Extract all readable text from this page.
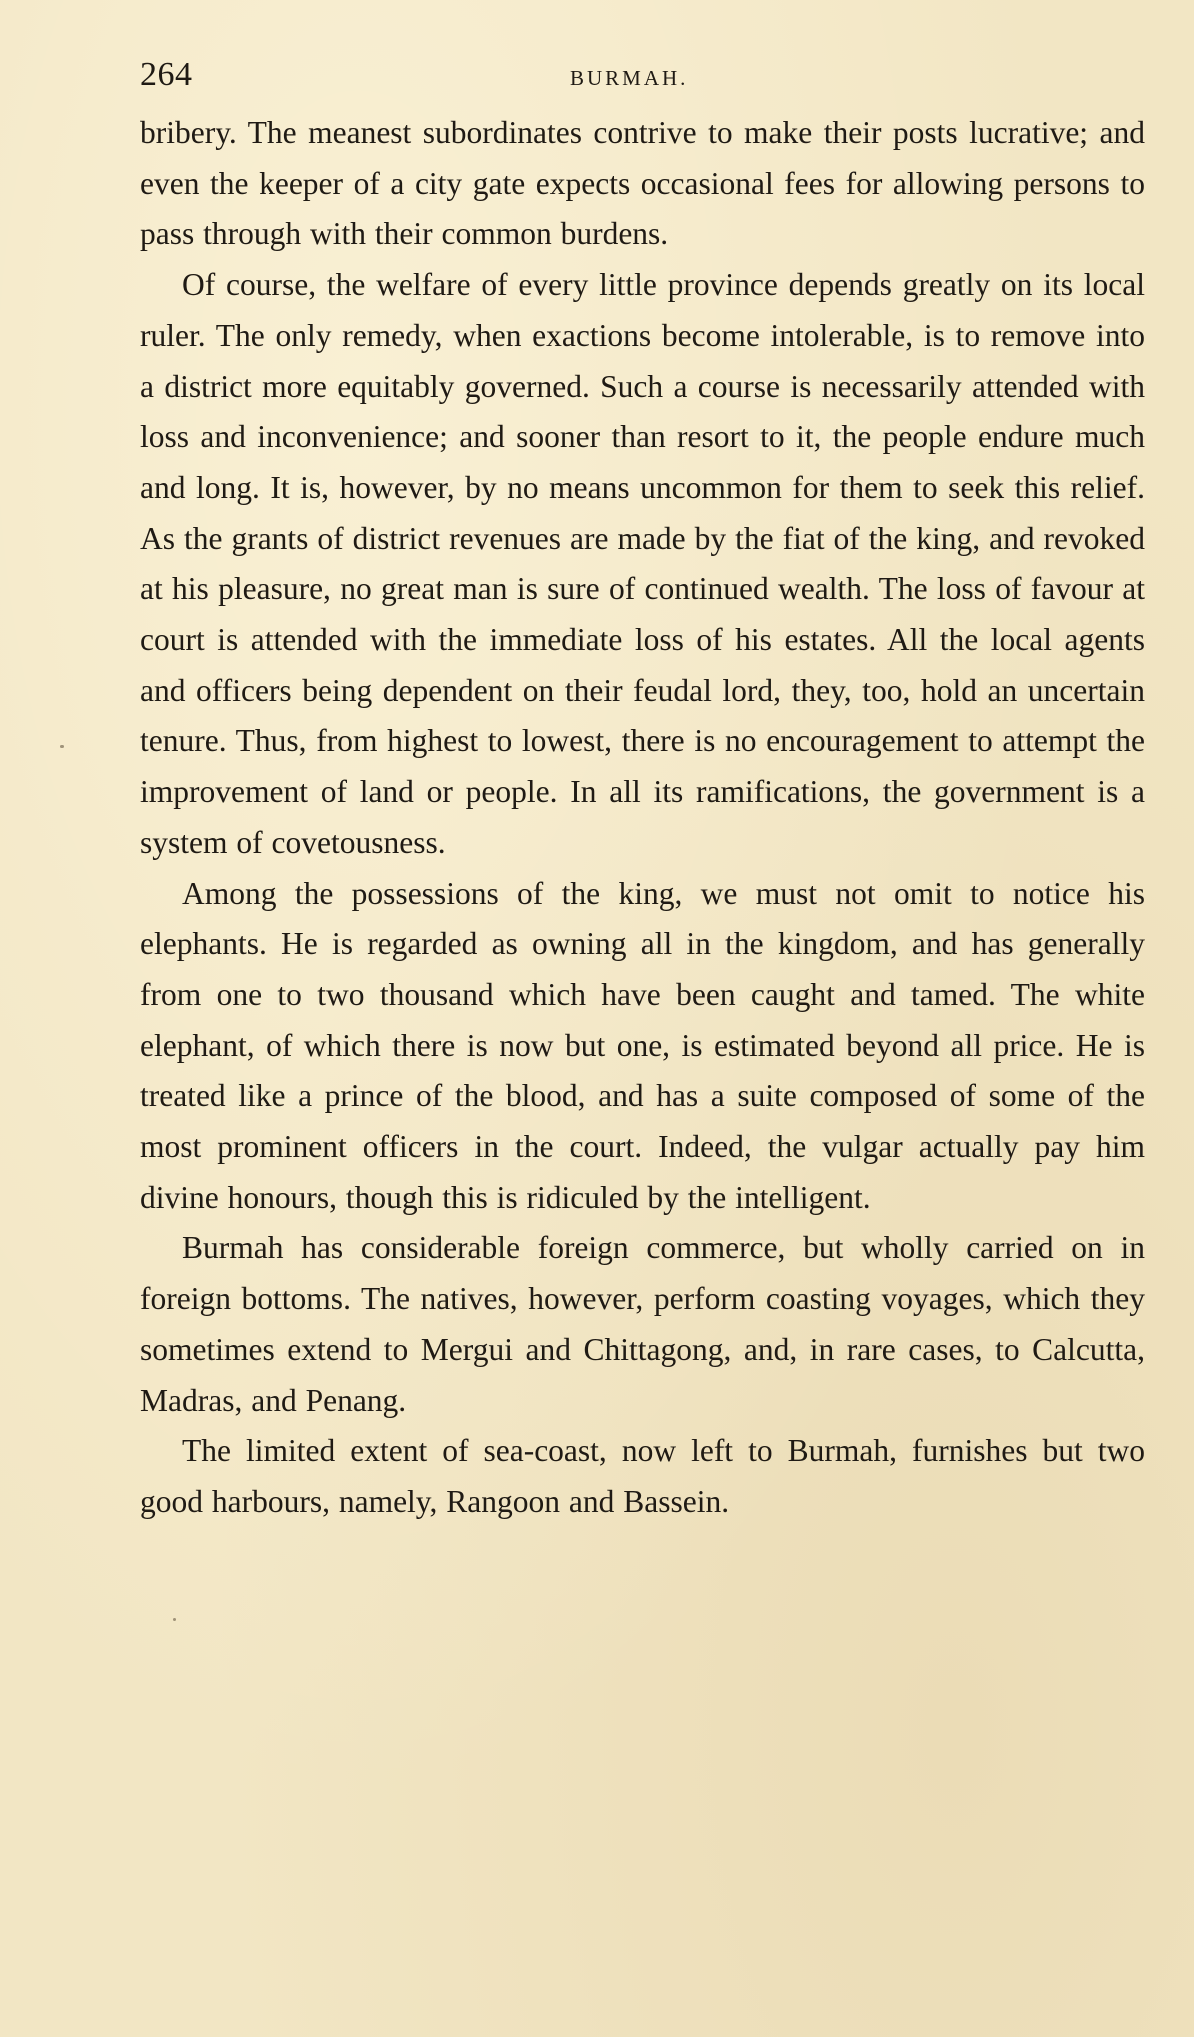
264	BURMAH.

bribery. The meanest subordinates contrive to make their posts lucrative; and even the keeper of a city gate expects occasional fees for allowing persons to pass through with their common burdens.

Of course, the welfare of every little province depends greatly on its local ruler. The only remedy, when exactions become intolerable, is to remove into a district more equitably governed. Such a course is necessarily attended with loss and inconvenience; and sooner than resort to it, the people endure much and long. It is, however, by no means uncommon for them to seek this relief. As the grants of district revenues are made by the fiat of the king, and revoked at his pleasure, no great man is sure of continued wealth. The loss of favour at court is attended with the immediate loss of his estates. All the local agents and officers being dependent on their feudal lord, they, too, hold an uncertain tenure. Thus, from highest to lowest, there is no encouragement to attempt the improvement of land or people. In all its ramifications, the government is a system of covetousness.

Among the possessions of the king, we must not omit to notice his elephants. He is regarded as owning all in the kingdom, and has generally from one to two thousand which have been caught and tamed. The white elephant, of which there is now but one, is estimated beyond all price. He is treated like a prince of the blood, and has a suite composed of some of the most prominent officers in the court. Indeed, the vulgar actually pay him divine honours, though this is ridiculed by the intelligent.

Burmah has considerable foreign commerce, but wholly carried on in foreign bottoms. The natives, however, perform coasting voyages, which they sometimes extend to Mergui and Chittagong, and, in rare cases, to Calcutta, Madras, and Penang.

The limited extent of sea-coast, now left to Burmah, furnishes but two good harbours, namely, Rangoon and Bassein.
